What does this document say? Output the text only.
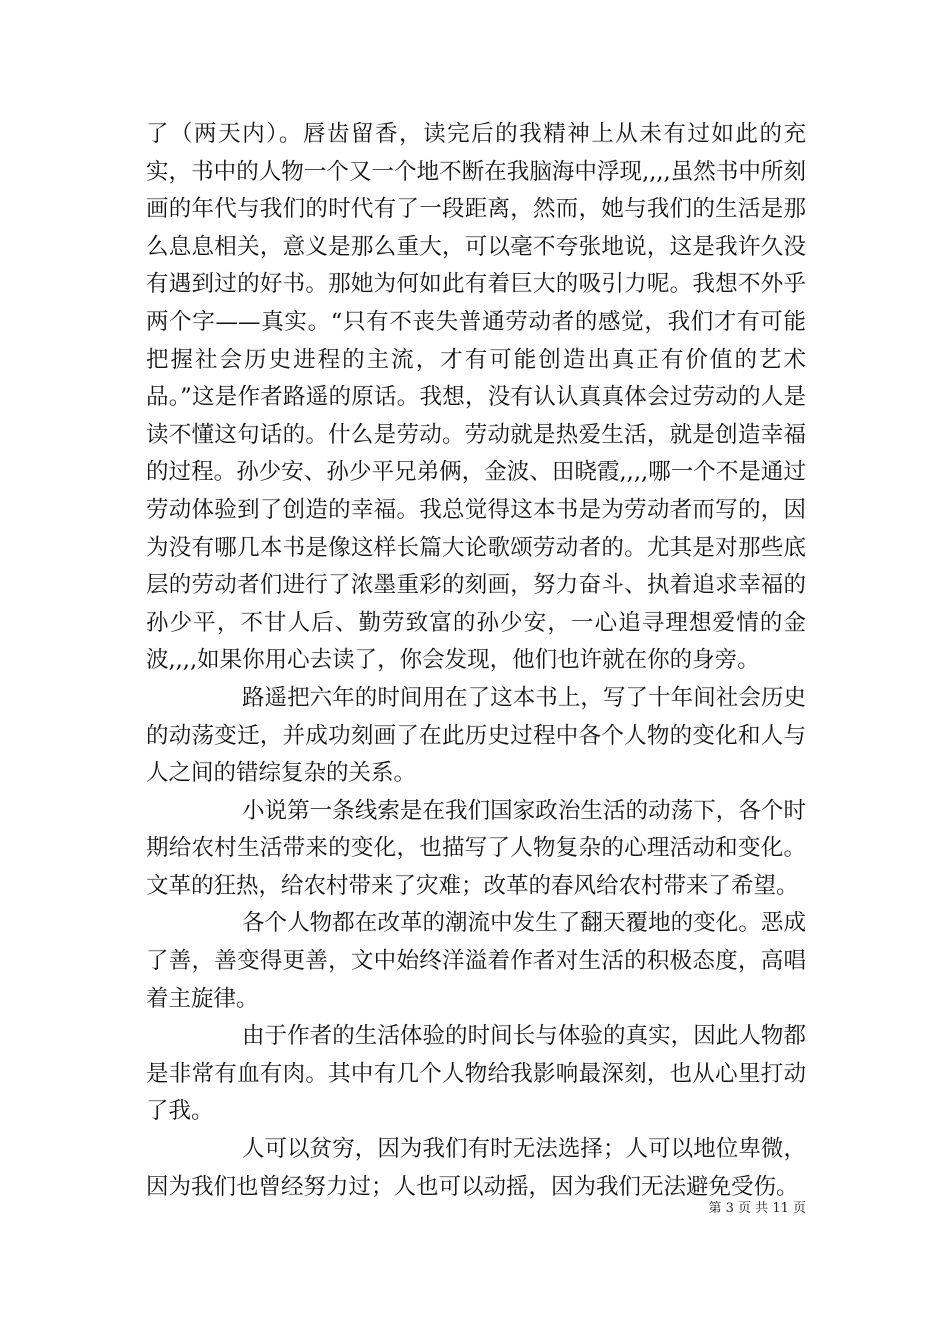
了（两天内）。唇齿留香，读完后的我精神上从未有过如此的充实，书中的人物一个又一个地不断在我脑海中浮现,,,,虽然书中所刻画的年代与我们的时代有了一段距离，然而，她与我们的生活是那么息息相关，意义是那么重大，可以毫不夸张地说，这是我许久没有遇到过的好书。那她为何如此有着巨大的吸引力呢。我想不外乎两个字——真实。“只有不丧失普通劳动者的感觉，我们才有可能把握社会历史进程的主流，才有可能创造出真正有价值的艺术品。”这是作者路遥的原话。我想，没有认认真真体会过劳动的人是读不懂这句话的。什么是劳动。劳动就是热爱生活，就是创造幸福的过程。孙少安、孙少平兄弟俩，金波、田晓霞,,,,哪一个不是通过劳动体验到了创造的幸福。我总觉得这本书是为劳动者而写的，因为没有哪几本书是像这样长篇大论歌颂劳动者的。尤其是对那些底层的劳动者们进行了浓墨重彩的刻画，努力奋斗、执着追求幸福的孙少平，不甘人后、勤劳致富的孙少安，一心追寻理想爱情的金波,,,,如果你用心去读了，你会发现，他们也许就在你的身旁。

路遥把六年的时间用在了这本书上，写了十年间社会历史的动荡变迁，并成功刻画了在此历史过程中各个人物的变化和人与人之间的错综复杂的关系。

小说第一条线索是在我们国家政治生活的动荡下，各个时期给农村生活带来的变化，也描写了人物复杂的心理活动和变化。文革的狂热，给农村带来了灾难；改革的春风给农村带来了希望。

各个人物都在改革的潮流中发生了翻天覆地的变化。恶成了善，善变得更善，文中始终洋溢着作者对生活的积极态度，高唱着主旋律。

由于作者的生活体验的时间长与体验的真实，因此人物都是非常有血有肉。其中有几个人物给我影响最深刻，也从心里打动了我。

人可以贫穷，因为我们有时无法选择；人可以地位卑微，因为我们也曾经努力过；人也可以动摇，因为我们无法避免受伤。

第 3 页 共 11 页
